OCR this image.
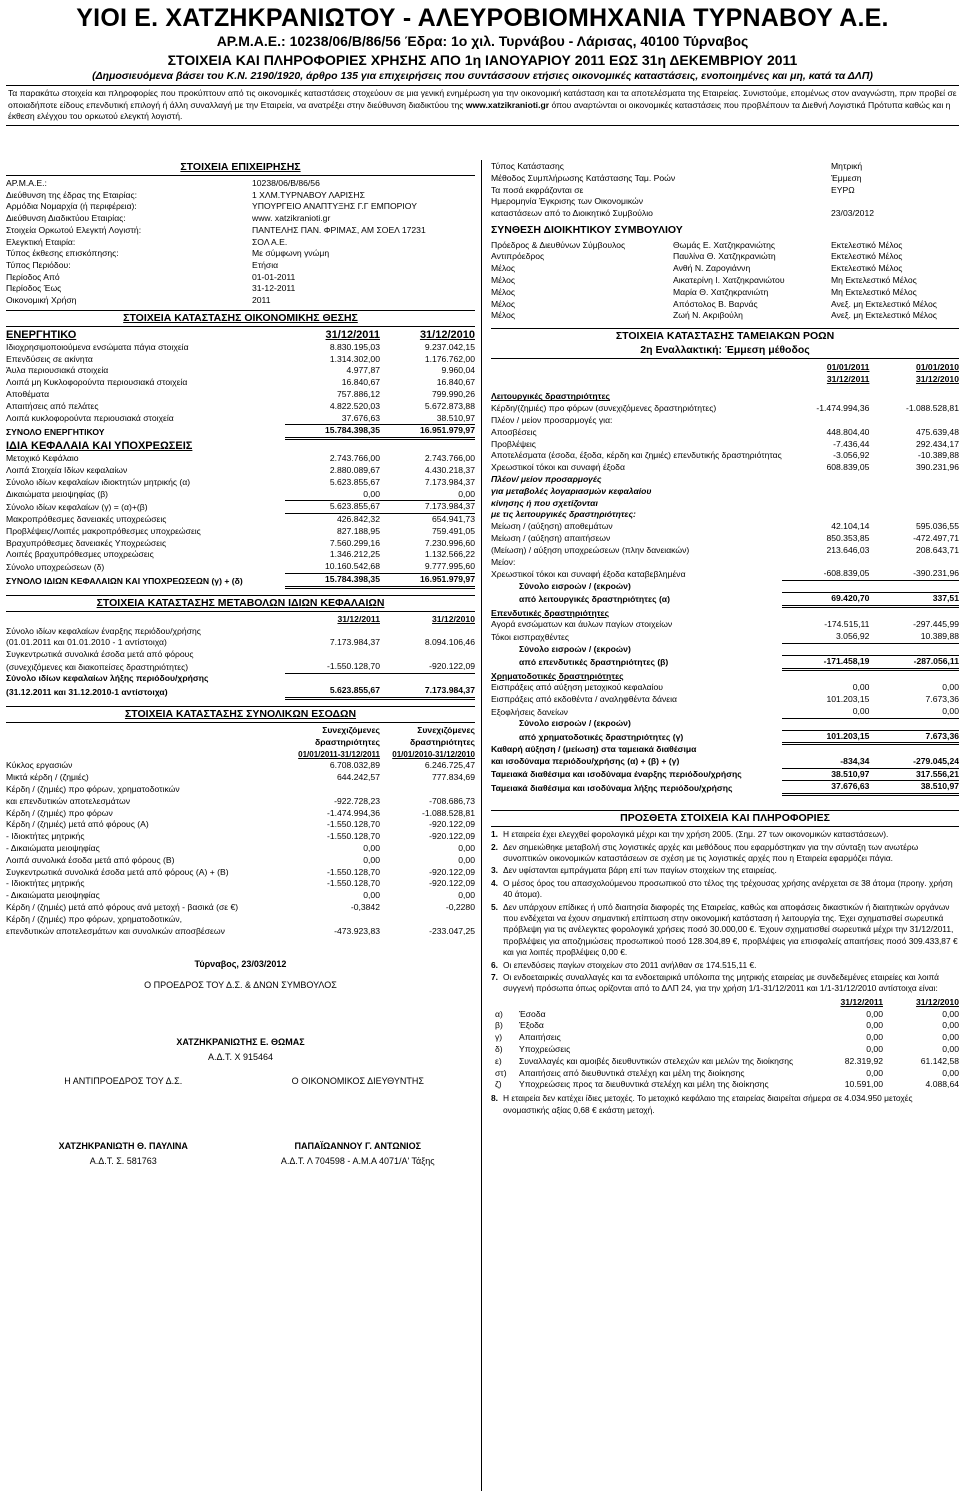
ΥΙΟΙ Ε. ΧΑΤΖΗΚΡΑΝΙΩΤΟΥ - ΑΛΕΥΡΟΒΙΟΜΗΧΑΝΙΑ ΤΥΡΝΑΒΟΥ Α.Ε.
ΑΡ.Μ.Α.Ε.: 10238/06/Β/86/56 Έδρα: 1ο χιλ. Τυρνάβου - Λάρισας, 40100 Τύρναβος
ΣΤΟΙΧΕΙΑ ΚΑΙ ΠΛΗΡΟΦΟΡΙΕΣ ΧΡΗΣΗΣ ΑΠΟ 1η ΙΑΝΟΥΑΡΙΟΥ 2011 ΕΩΣ 31η ΔΕΚΕΜΒΡΙΟΥ 2011
(Δημοσιευόμενα βάσει του Κ.Ν. 2190/1920, άρθρο 135 για επιχειρήσεις που συντάσσουν ετήσιες οικονομικές καταστάσεις, ενοποιημένες και μη, κατά τα ΔΛΠ)
Τα παρακάτω στοιχεία και πληροφορίες που προκύπτουν από τις οικονομικές καταστάσεις στοχεύουν σε μια γενική ενημέρωση για την οικονομική κατάσταση και τα αποτελέσματα της Εταιρείας. Συνιστούμε, επομένως στον αναγνώστη, πριν προβεί σε οποιαδήποτε είδους επενδυτική επιλογή ή άλλη συναλλαγή με την Εταιρεία, να ανατρέξει στην διεύθυνση διαδικτύου της www.xatzikranioti.gr όπου αναρτώνται οι οικονομικές καταστάσεις που προβλέπουν τα Διεθνή Λογιστικά Πρότυπα καθώς και η έκθεση ελέγχου του ορκωτού ελεγκτή λογιστή.
ΣΤΟΙΧΕΙΑ ΕΠΙΧΕΙΡΗΣΗΣ
ΑΡ.Μ.Α.Ε.:	10238/06/Β/86/56
Διεύθυνση της έδρας της Εταιρίας:	1 ΧΛΜ.ΤΥΡΝΑΒΟΥ ΛΑΡΙΣΗΣ
Αρμόδια Νομαρχία (ή περιφέρεια):	ΥΠΟΥΡΓΕΙΟ ΑΝΑΠΤΥΞΗΣ Γ.Γ ΕΜΠΟΡΙΟΥ
Διεύθυνση Διαδικτύου Εταιρίας:	www. xatzikranioti.gr
Στοιχεία Ορκωτού Ελεγκτή Λογιστή:	ΠΑΝΤΕΛΗΣ ΠΑΝ. ΦΡΙΜΑΣ, ΑΜ ΣΟΕΛ 17231
Ελεγκτική Εταιρία:	ΣΟΛ Α.Ε.
Τύπος έκθεσης επισκόπησης:	Με σύμφωνη γνώμη
Τύπος Περιόδου:	Ετήσια
Περίοδος Από	01-01-2011
Περίοδος Έως	31-12-2011
Οικονομική Χρήση	2011
ΣΤΟΙΧΕΙΑ ΚΑΤΑΣΤΑΣΗΣ ΟΙΚΟΝΟΜΙΚΗΣ ΘΕΣΗΣ
ΕΝΕΡΓΗΤΙΚΟ	31/12/2011	31/12/2010
Ιδιοχρησιμοποιούμενα ενσώματα πάγια στοιχεία	8.830.195,03	9.237.042,15
Επενδύσεις σε ακίνητα	1.314.302,00	1.176.762,00
Άυλα περιουσιακά στοιχεία	4.977,87	9.960,04
Λοιπά μη Κυκλοφορούντα περιουσιακά στοιχεία	16.840,67	16.840,67
Αποθέματα	757.886,12	799.990,26
Απαιτήσεις από πελάτες	4.822.520,03	5.672.873,88
Λοιπά κυκλοφορούντα περιουσιακά στοιχεία	37.676,63	38.510,97
ΣΥΝΟΛΟ ΕΝΕΡΓΗΤΙΚΟΥ	15.784.398,35	16.951.979,97
ΙΔΙΑ ΚΕΦΑΛΑΙΑ ΚΑΙ ΥΠΟΧΡΕΩΣΕΙΣ		
Μετοχικό Κεφάλαιο	2.743.766,00	2.743.766,00
Λοιπά Στοιχεία Ιδίων κεφαλαίων	2.880.089,67	4.430.218,37
Σύνολο ιδίων κεφαλαίων ιδιοκτητών μητρικής (α)	5.623.855,67	7.173.984,37
Δικαιώματα μειοψηφίας (β)	0,00	0,00
Σύνολο ιδίων κεφαλαίων (γ) = (α)+(β)	5.623.855,67	7.173.984,37
Μακροπρόθεσμες δανειακές υποχρεώσεις	426.842,32	654.941,73
Προβλέψεις/Λοιπές μακροπρόθεσμες υποχρεώσεις	827.188,95	759.491,05
Βραχυπρόθεσμες δανειακές Υποχρεώσεις	7.560.299,16	7.230.996,60
Λοιπές βραχυπρόθεσμες υποχρεώσεις	1.346.212,25	1.132.566,22
Σύνολο υποχρεώσεων (δ)	10.160.542,68	9.777.995,60
ΣΥΝΟΛΟ ΙΔΙΩΝ ΚΕΦΑΛΑΙΩΝ ΚΑΙ ΥΠΟΧΡΕΩΣΕΩΝ (γ) + (δ)	15.784.398,35	16.951.979,97
ΣΤΟΙΧΕΙΑ ΚΑΤΑΣΤΑΣΗΣ ΜΕΤΑΒΟΛΩΝ ΙΔΙΩΝ ΚΕΦΑΛΑΙΩΝ
	31/12/2011	31/12/2010
Σύνολο ιδίων κεφαλαίων έναρξης περιόδου/χρήσης		
(01.01.2011 και 01.01.2010 - 1 αντίστοιχα)	7.173.984,37	8.094.106,46
Συγκεντρωτικά συνολικά έσοδα μετά από φόρους		
(συνεχιζόμενες και διακοπείσες δραστηριότητες)	-1.550.128,70	-920.122,09
Σύνολο ιδίων κεφαλαίων λήξης περιόδου/χρήσης		
(31.12.2011 και 31.12.2010-1 αντίστοιχα)	5.623.855,67	7.173.984,37
ΣΤΟΙΧΕΙΑ ΚΑΤΑΣΤΑΣΗΣ ΣΥΝΟΛΙΚΩΝ ΕΣΟΔΩΝ
	Συνεχιζόμενες	Συνεχιζόμενες
	δραστηριότητες	δραστηριότητες
	01/01/2011-31/12/2011	01/01/2010-31/12/2010
Κύκλος εργασιών	6.708.032,89	6.246.725,47
Μικτά κέρδη / (ζημιές)	644.242,57	777.834,69
Κέρδη / (ζημιές) προ φόρων, χρηματοδοτικών		
και επενδυτικών αποτελεσμάτων	-922.728,23	-708.686,73
Κέρδη / (ζημιές) προ φόρων	-1.474.994,36	-1.088.528,81
Κέρδη / (ζημιές) μετά από φόρους (Α)	-1.550.128,70	-920.122,09
- Ιδιοκτήτες μητρικής	-1.550.128,70	-920.122,09
- Δικαιώματα μειοψηφίας	0,00	0,00
Λοιπά συνολικά έσοδα μετά από φόρους (Β)	0,00	0,00
Συγκεντρωτικά συνολικά έσοδα μετά από φόρους (Α) + (Β)	-1.550.128,70	-920.122,09
- Ιδιοκτήτες μητρικής	-1.550.128,70	-920.122,09
- Δικαιώματα μειοψηφίας	0,00	0,00
Κέρδη / (ζημιές) μετά από φόρους ανά μετοχή - βασικά (σε €)	-0,3842	-0,2280
Κέρδη / (ζημιές) προ φόρων, χρηματοδοτικών,		
επενδυτικών αποτελεσμάτων και συνολικών αποσβέσεων	-473.923,83	-233.047,25
Τύρναβος, 23/03/2012
Ο ΠΡΟΕΔΡΟΣ ΤΟΥ Δ.Σ. & ΔΝΩΝ ΣΥΜΒΟΥΛΟΣ
ΧΑΤΖΗΚΡΑΝΙΩΤΗΣ Ε. ΘΩΜΑΣ
Α.Δ.Τ. Χ 915464
Η ΑΝΤΙΠΡΟΕΔΡΟΣ ΤΟΥ Δ.Σ.	Ο ΟΙΚΟΝΟΜΙΚΟΣ ΔΙΕΥΘΥΝΤΗΣ
ΧΑΤΖΗΚΡΑΝΙΩΤΗ Θ. ΠΑΥΛΙΝΑ	ΠΑΠΑΪΩΑΝΝΟΥ Γ. ΑΝΤΩΝΙΟΣ
Α.Δ.Τ. Σ. 581763	Α.Δ.Τ. Λ 704598 - Α.Μ.Α 4071/Α' Τάξης
Τύπος Κατάστασης	Μητρική
Μέθοδος Συμπλήρωσης Κατάστασης Ταμ. Ροών	Έμμεση
Τα ποσά εκφράζονται σε	ΕΥΡΩ
Ημερομηνία Έγκρισης των Οικονομικών	
καταστάσεων από το Διοικητικό Συμβούλιο	23/03/2012
ΣΥΝΘΕΣΗ ΔΙΟΙΚΗΤΙΚΟΥ ΣΥΜΒΟΥΛΙΟΥ
Πρόεδρος & Διευθύνων Σύμβουλος	Θωμάς Ε. Χατζηκρανιώτης	Εκτελεστικό Μέλος
Αντιπρόεδρος	Παυλίνα Θ. Χατζηκρανιώτη	Εκτελεστικό Μέλος
Μέλος	Ανθή Ν. Ζαρογιάννη	Εκτελεστικό Μέλος
Μέλος	Αικατερίνη Ι. Χατζηκρανιώτου	Μη Εκτελεστικό Μέλος
Μέλος	Μαρία Θ. Χατζηκρανιώτη	Μη Εκτελεστικό Μέλος
Μέλος	Απόστολος Β. Βαρνάς	Ανεξ. μη Εκτελεστικό Μέλος
Μέλος	Ζωή Ν. Ακριβούλη	Ανεξ. μη Εκτελεστικό Μέλος
ΣΤΟΙΧΕΙΑ ΚΑΤΑΣΤΑΣΗΣ ΤΑΜΕΙΑΚΩΝ ΡΟΩΝ
2η Εναλλακτική: Έμμεση μέθοδος
	01/01/2011	01/01/2010
	31/12/2011	31/12/2010

Λειτουργικές δραστηριότητες		
Κέρδη/(ζημιές) προ φόρων (συνεχιζόμενες δραστηριότητες)	-1.474.994,36	-1.088.528,81
Πλέον / μείον προσαρμογές για:		
Αποσβέσεις	448.804,40	475.639,48
Προβλέψεις	-7.436,44	292.434,17
Αποτελέσματα (έσοδα, έξοδα, κέρδη και ζημιές) επενδυτικής δραστηριότητας	-3.056,92	-10.389,88
Χρεωστικοί τόκοι και συναφή έξοδα	608.839,05	390.231,96
Πλέον/ μείον προσαρμογές		
για μεταβολές λογαριασμών κεφαλαίου		
κίνησης ή που σχετίζονται		
με τις λειτουργικές δραστηριότητες:		
Μείωση / (αύξηση) αποθεμάτων	42.104,14	595.036,55
Μείωση / (αύξηση) απαιτήσεων	850.353,85	-472.497,71
(Μείωση) / αύξηση υποχρεώσεων (πλην δανειακών)	213.646,03	208.643,71
Μείον:		
Χρεωστικοί τόκοι και συναφή έξοδα καταβεβλημένα	-608.839,05	-390.231,96
Σύνολο εισροών / (εκροών)		
από λειτουργικές δραστηριότητες (α)	69.420,70	337,51
Επενδυτικές δραστηριότητες		
Αγορά ενσώματων και άυλων παγίων στοιχείων	-174.515,11	-297.445,99
Τόκοι εισπραχθέντες	3.056,92	10.389,88
Σύνολο εισροών / (εκροών)		
από επενδυτικές δραστηριότητες (β)	-171.458,19	-287.056,11
Χρηματοδοτικές δραστηριότητες		
Εισπράξεις από αύξηση μετοχικού κεφαλαίου	0,00	0,00
Εισπράξεις από εκδοθέντα / αναληφθέντα δάνεια	101.203,15	7.673,36
Εξοφλήσεις δανείων	0,00	0,00
Σύνολο εισροών / (εκροών)		
από χρηματοδοτικές δραστηριότητες (γ)	101.203,15	7.673,36
Καθαρή αύξηση / (μείωση) στα ταμειακά διαθέσιμα		
και ισοδύναμα περιόδου/χρήσης (α) + (β) + (γ)	-834,34	-279.045,24
Ταμειακά διαθέσιμα και ισοδύναμα έναρξης περιόδου/χρήσης	38.510,97	317.556,21
Ταμειακά διαθέσιμα και ισοδύναμα λήξης περιόδου/χρήσης	37.676,63	38.510,97
ΠΡΟΣΘΕΤΑ ΣΤΟΙΧΕΙΑ ΚΑΙ ΠΛΗΡΟΦΟΡΙΕΣ
1. Η εταιρεία έχει ελεγχθεί φορολογικά μέχρι και την χρήση 2005. (Σημ. 27 των οικονομικών καταστάσεων).
2. Δεν σημειώθηκε μεταβολή στις λογιστικές αρχές και μεθόδους που εφαρμόστηκαν για την σύνταξη των ανωτέρω συνοπτικών οικονομικών καταστάσεων σε σχέση με τις λογιστικές αρχές που η Εταιρεία εφαρμόζει πάγια.
3. Δεν υφίστανται εμπράγματα βάρη επί των παγίων στοιχείων της εταιρείας.
4. Ο μέσος όρος του απασχολούμενου προσωπικού στο τέλος της τρέχουσας χρήσης ανέρχεται σε 38 άτομα (προηγ. χρήση 40 άτομα).
5. Δεν υπάρχουν επίδικες ή υπό διαιτησία διαφορές της Εταιρείας, καθώς και αποφάσεις δικαστικών ή διαιτητικών οργάνων που ενδέχεται να έχουν σημαντική επίπτωση στην οικονομική κατάσταση ή λειτουργία της. Έχει σχηματισθεί σωρευτικά πρόβλεψη για τις ανέλεγκτες φορολογικά χρήσεις ποσό 30.000,00 €. Έχουν σχηματισθεί σωρευτικά μέχρι την 31/12/2011, προβλέψεις για αποζημιώσεις προσωπικού ποσό 128.304,89 €, προβλέψεις για επισφαλείς απαιτήσεις ποσό 309.433,87 € και για λοιπές προβλέψεις 0,00 €.
6. Οι επενδύσεις παγίων στοιχείων στο 2011 ανήλθαν σε 174.515,11 €.
7. Οι ενδοεταιρικές συναλλαγές και τα ενδοεταιρικά υπόλοιπα της μητρικής εταιρείας με συνδεδεμένες εταιρείες και λοιπά συγγενή πρόσωπα όπως ορίζονται από το ΔΛΠ 24, για την χρήση 1/1-31/12/2011 και 1/1-31/12/2010 αντίστοιχα είναι:
		31/12/2011	31/12/2010
α)	Έσοδα	0,00	0,00
β)	Έξοδα	0,00	0,00
γ)	Απαιτήσεις	0,00	0,00
δ)	Υποχρεώσεις	0,00	0,00
ε)	Συναλλαγές και αμοιβές διευθυντικών στελεχών και μελών της διοίκησης	82.319,92	61.142,58
στ)	Απαιτήσεις από διευθυντικά στελέχη και μέλη της διοίκησης	0,00	0,00
ζ)	Υποχρεώσεις προς τα διευθυντικά στελέχη και μέλη της διοίκησης	10.591,00	4.088,64
8. Η εταιρεία δεν κατέχει ίδιες μετοχές. Το μετοχικό κεφάλαιο της εταιρείας διαιρείται σήμερα σε 4.034.950 μετοχές ονομαστικής αξίας 0,68 € εκάστη μετοχή.
